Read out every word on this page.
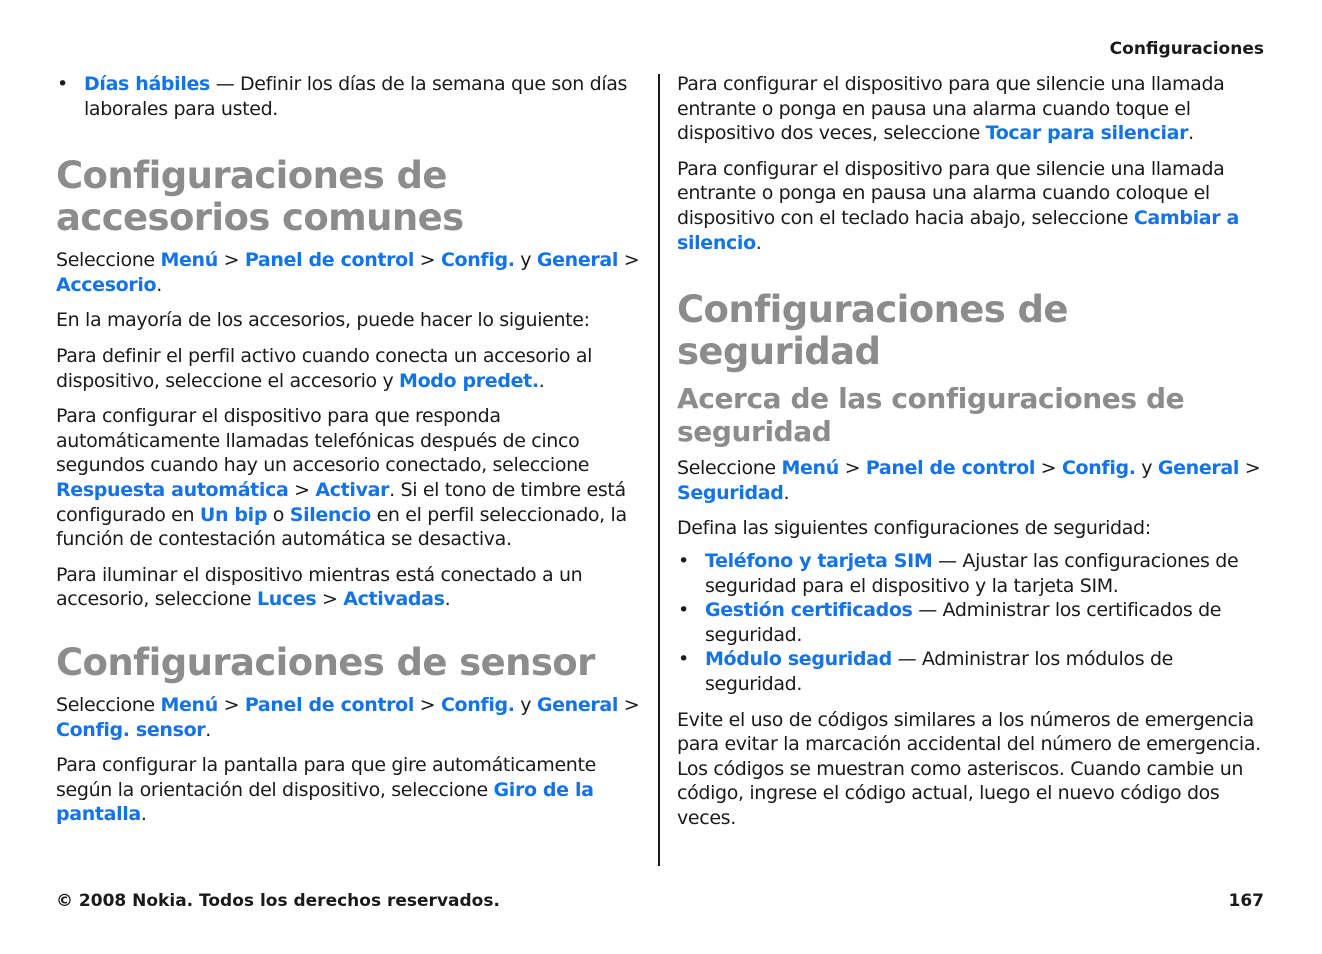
Configuraciones
• Días hábiles — Definir los días de la semana que son días laborales para usted.
Configuraciones de accesorios comunes

Seleccione Menú > Panel de control > Config. y General > Accesorio.

En la mayoría de los accesorios, puede hacer lo siguiente:

Para definir el perfil activo cuando conecta un accesorio al dispositivo, seleccione el accesorio y Modo predet..

Para configurar el dispositivo para que responda automáticamente llamadas telefónicas después de cinco segundos cuando hay un accesorio conectado, seleccione Respuesta automática > Activar. Si el tono de timbre está configurado en Un bip o Silencio en el perfil seleccionado, la función de contestación automática se desactiva.

Para iluminar el dispositivo mientras está conectado a un accesorio, seleccione Luces > Activadas.

Configuraciones de sensor

Seleccione Menú > Panel de control > Config. y General > Config. sensor.

Para configurar la pantalla para que gire automáticamente según la orientación del dispositivo, seleccione Giro de la pantalla.

Para configurar el dispositivo para que silencie una llamada entrante o ponga en pausa una alarma cuando toque el dispositivo dos veces, seleccione Tocar para silenciar.

Para configurar el dispositivo para que silencie una llamada entrante o ponga en pausa una alarma cuando coloque el dispositivo con el teclado hacia abajo, seleccione Cambiar a silencio.

Configuraciones de seguridad
Acerca de las configuraciones de seguridad

Seleccione Menú > Panel de control > Config. y General > Seguridad.

Defina las siguientes configuraciones de seguridad:

• Teléfono y tarjeta SIM — Ajustar las configuraciones de seguridad para el dispositivo y la tarjeta SIM.
• Gestión certificados — Administrar los certificados de seguridad.
• Módulo seguridad — Administrar los módulos de seguridad.

Evite el uso de códigos similares a los números de emergencia para evitar la marcación accidental del número de emergencia. Los códigos se muestran como asteriscos. Cuando cambie un código, ingrese el código actual, luego el nuevo código dos veces.

© 2008 Nokia. Todos los derechos reservados.	167
